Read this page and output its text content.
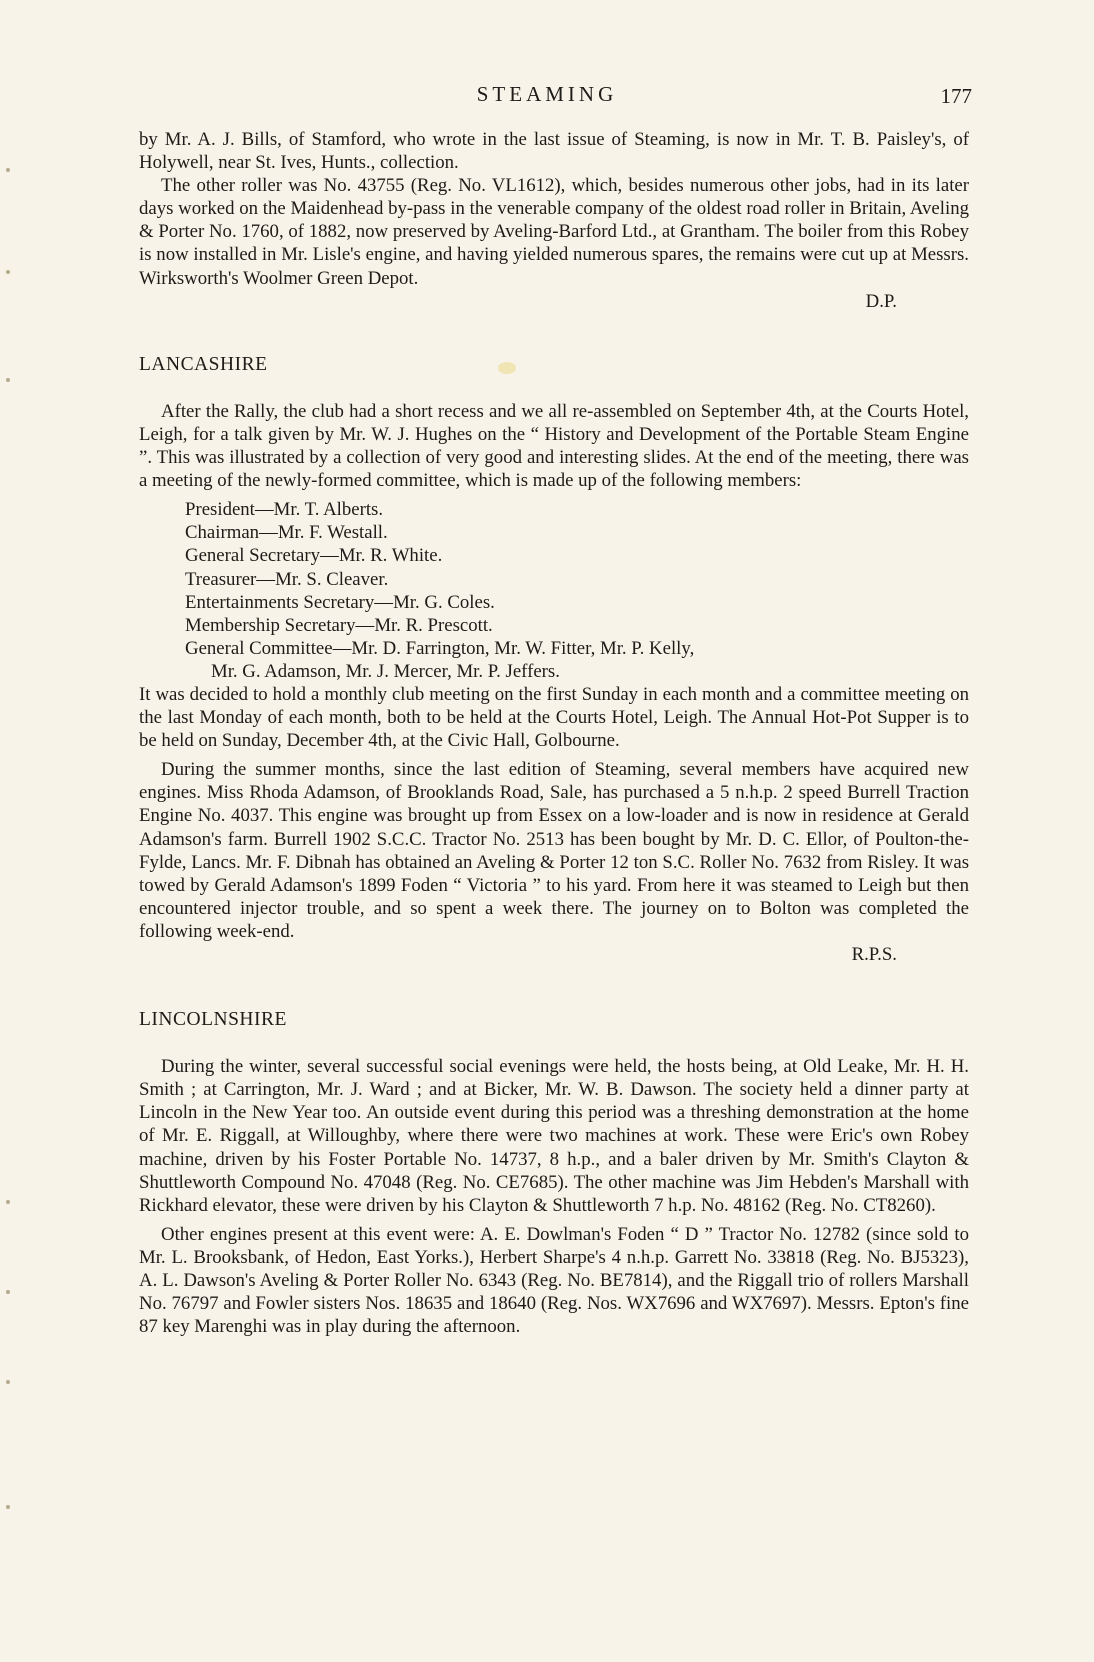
STEAMING	177

by Mr. A. J. Bills, of Stamford, who wrote in the last issue of Steaming, is now in Mr. T. B. Paisley's, of Holywell, near St. Ives, Hunts., collection.

The other roller was No. 43755 (Reg. No. VL1612), which, besides numerous other jobs, had in its later days worked on the Maidenhead by-pass in the venerable company of the oldest road roller in Britain, Aveling & Porter No. 1760, of 1882, now preserved by Aveling-Barford Ltd., at Grantham. The boiler from this Robey is now installed in Mr. Lisle's engine, and having yielded numerous spares, the remains were cut up at Messrs. Wirksworth's Woolmer Green Depot.

D.P.

LANCASHIRE

After the Rally, the club had a short recess and we all re-assembled on September 4th, at the Courts Hotel, Leigh, for a talk given by Mr. W. J. Hughes on the “ History and Development of the Portable Steam Engine ”. This was illustrated by a collection of very good and interesting slides. At the end of the meeting, there was a meeting of the newly-formed committee, which is made up of the following members:

President—Mr. T. Alberts.
Chairman—Mr. F. Westall.
General Secretary—Mr. R. White.
Treasurer—Mr. S. Cleaver.
Entertainments Secretary—Mr. G. Coles.
Membership Secretary—Mr. R. Prescott.
General Committee—Mr. D. Farrington, Mr. W. Fitter, Mr. P. Kelly,
Mr. G. Adamson, Mr. J. Mercer, Mr. P. Jeffers.

It was decided to hold a monthly club meeting on the first Sunday in each month and a committee meeting on the last Monday of each month, both to be held at the Courts Hotel, Leigh. The Annual Hot-Pot Supper is to be held on Sunday, December 4th, at the Civic Hall, Golbourne.

During the summer months, since the last edition of Steaming, several members have acquired new engines. Miss Rhoda Adamson, of Brooklands Road, Sale, has purchased a 5 n.h.p. 2 speed Burrell Traction Engine No. 4037. This engine was brought up from Essex on a low-loader and is now in residence at Gerald Adamson's farm. Burrell 1902 S.C.C. Tractor No. 2513 has been bought by Mr. D. C. Ellor, of Poulton-the-Fylde, Lancs. Mr. F. Dibnah has obtained an Aveling & Porter 12 ton S.C. Roller No. 7632 from Risley. It was towed by Gerald Adamson's 1899 Foden “ Victoria ” to his yard. From here it was steamed to Leigh but then encountered injector trouble, and so spent a week there. The journey on to Bolton was completed the following week-end.

R.P.S.

LINCOLNSHIRE

During the winter, several successful social evenings were held, the hosts being, at Old Leake, Mr. H. H. Smith ; at Carrington, Mr. J. Ward ; and at Bicker, Mr. W. B. Dawson. The society held a dinner party at Lincoln in the New Year too. An outside event during this period was a threshing demonstration at the home of Mr. E. Riggall, at Willoughby, where there were two machines at work. These were Eric's own Robey machine, driven by his Foster Portable No. 14737, 8 h.p., and a baler driven by Mr. Smith's Clayton & Shuttleworth Compound No. 47048 (Reg. No. CE7685). The other machine was Jim Hebden's Marshall with Rickhard elevator, these were driven by his Clayton & Shuttleworth 7 h.p. No. 48162 (Reg. No. CT8260).

Other engines present at this event were: A. E. Dowlman's Foden “ D ” Tractor No. 12782 (since sold to Mr. L. Brooksbank, of Hedon, East Yorks.), Herbert Sharpe's 4 n.h.p. Garrett No. 33818 (Reg. No. BJ5323), A. L. Dawson's Aveling & Porter Roller No. 6343 (Reg. No. BE7814), and the Riggall trio of rollers Marshall No. 76797 and Fowler sisters Nos. 18635 and 18640 (Reg. Nos. WX7696 and WX7697). Messrs. Epton's fine 87 key Marenghi was in play during the afternoon.
